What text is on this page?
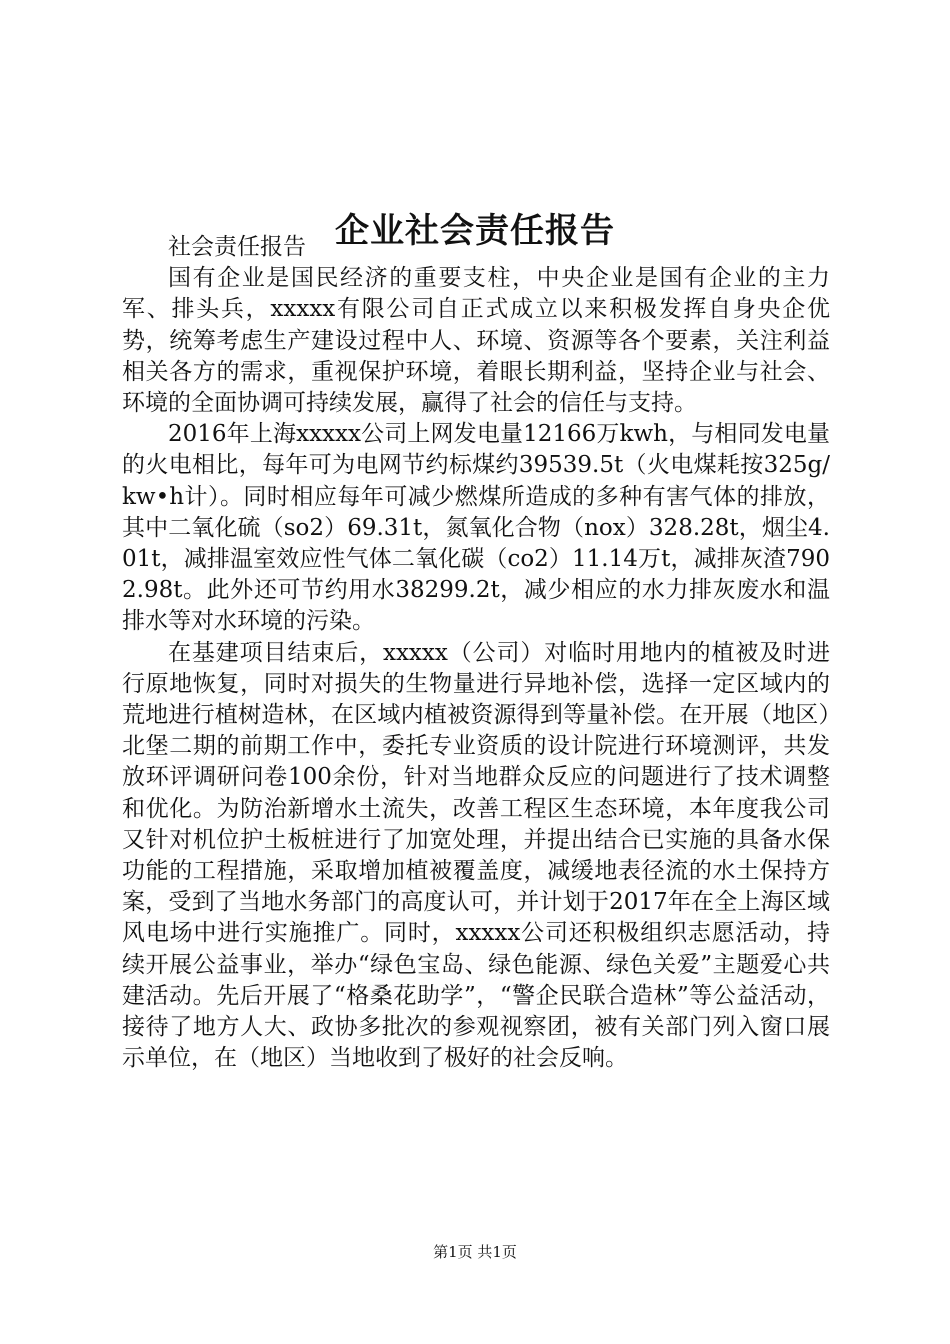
企业社会责任报告

社会责任报告

国有企业是国民经济的重要支柱，中央企业是国有企业的主力军、排头兵，xxxxx有限公司自正式成立以来积极发挥自身央企优势，统筹考虑生产建设过程中人、环境、资源等各个要素，关注利益相关各方的需求，重视保护环境，着眼长期利益，坚持企业与社会、环境的全面协调可持续发展，赢得了社会的信任与支持。

2016年上海xxxxx公司上网发电量12166万kwh，与相同发电量的火电相比，每年可为电网节约标煤约39539.5t（火电煤耗按325g/kw•h计）。同时相应每年可减少燃煤所造成的多种有害气体的排放，其中二氧化硫（so2）69.31t，氮氧化合物（nox）328.28t，烟尘4.01t，减排温室效应性气体二氧化碳（co2）11.14万t，减排灰渣7902.98t。此外还可节约用水38299.2t，减少相应的水力排灰废水和温排水等对水环境的污染。

在基建项目结束后，xxxxx（公司）对临时用地内的植被及时进行原地恢复，同时对损失的生物量进行异地补偿，选择一定区域内的荒地进行植树造林，在区域内植被资源得到等量补偿。在开展（地区）北堡二期的前期工作中，委托专业资质的设计院进行环境测评，共发放环评调研问卷100余份，针对当地群众反应的问题进行了技术调整和优化。为防治新增水土流失，改善工程区生态环境，本年度我公司又针对机位护土板桩进行了加宽处理，并提出结合已实施的具备水保功能的工程措施，采取增加植被覆盖度，减缓地表径流的水土保持方案，受到了当地水务部门的高度认可，并计划于2017年在全上海区域风电场中进行实施推广。同时，xxxxx公司还积极组织志愿活动，持续开展公益事业，举办“绿色宝岛、绿色能源、绿色关爱”主题爱心共建活动。先后开展了“格桑花助学”，“警企民联合造林”等公益活动，接待了地方人大、政协多批次的参观视察团，被有关部门列入窗口展示单位，在（地区）当地收到了极好的社会反响。

第1页 共1页
